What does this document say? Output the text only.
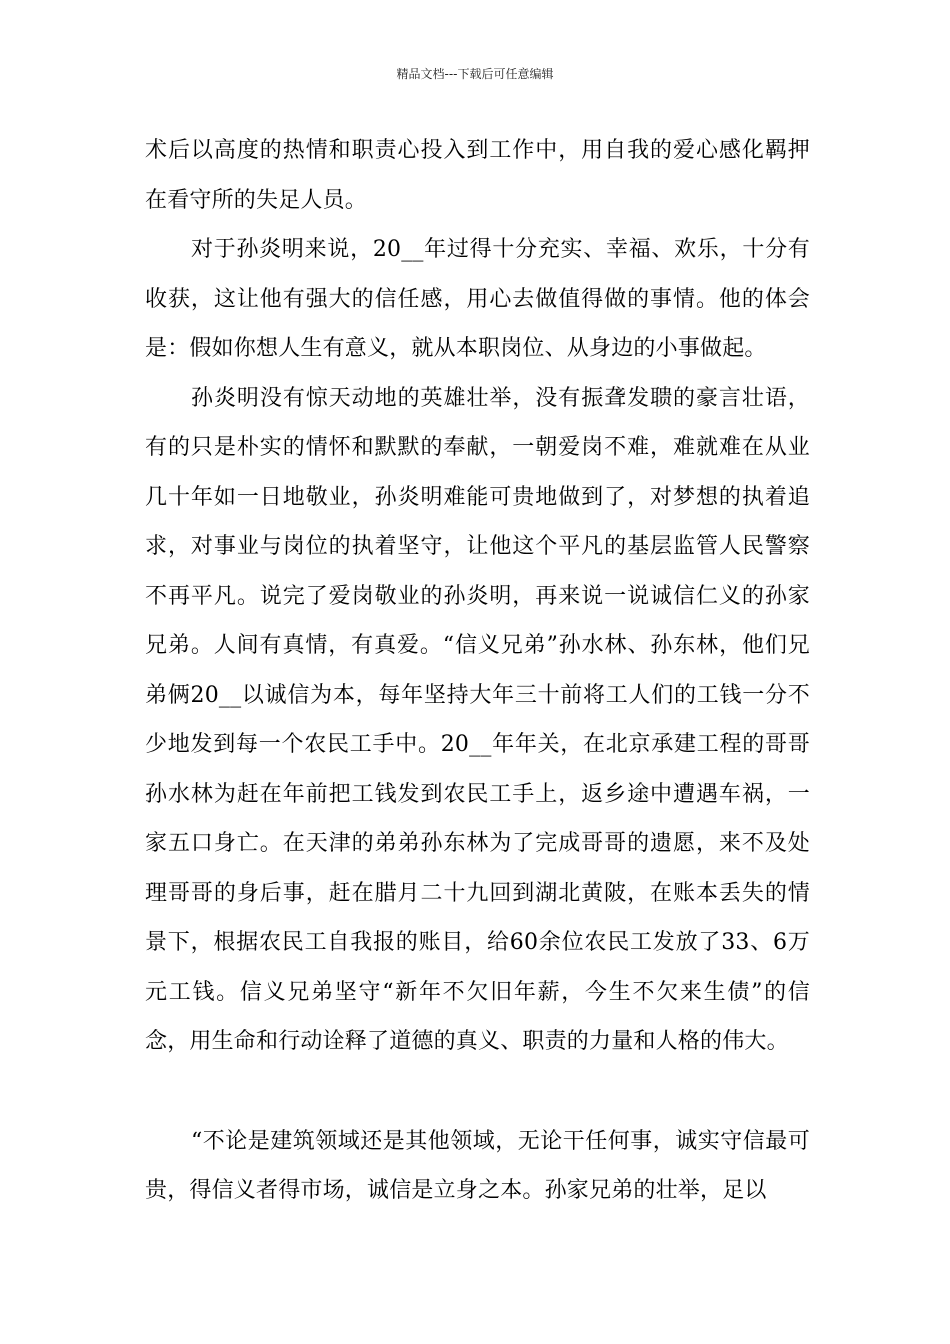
精品文档---下载后可任意编辑

术后以高度的热情和职责心投入到工作中，用自我的爱心感化羁押在看守所的失足人员。

对于孙炎明来说，20__年过得十分充实、幸福、欢乐，十分有收获，这让他有强大的信任感，用心去做值得做的事情。他的体会是：假如你想人生有意义，就从本职岗位、从身边的小事做起。

孙炎明没有惊天动地的英雄壮举，没有振聋发聩的豪言壮语，有的只是朴实的情怀和默默的奉献，一朝爱岗不难，难就难在从业几十年如一日地敬业，孙炎明难能可贵地做到了，对梦想的执着追求，对事业与岗位的执着坚守，让他这个平凡的基层监管人民警察不再平凡。说完了爱岗敬业的孙炎明，再来说一说诚信仁义的孙家兄弟。人间有真情，有真爱。“信义兄弟”孙水林、孙东林，他们兄弟俩20__以诚信为本，每年坚持大年三十前将工人们的工钱一分不少地发到每一个农民工手中。20__年年关，在北京承建工程的哥哥孙水林为赶在年前把工钱发到农民工手上，返乡途中遭遇车祸，一家五口身亡。在天津的弟弟孙东林为了完成哥哥的遗愿，来不及处理哥哥的身后事，赶在腊月二十九回到湖北黄陂，在账本丢失的情景下，根据农民工自我报的账目，给60余位农民工发放了33、6万元工钱。信义兄弟坚守“新年不欠旧年薪，今生不欠来生债”的信念，用生命和行动诠释了道德的真义、职责的力量和人格的伟大。

“不论是建筑领域还是其他领域，无论干任何事，诚实守信最可贵，得信义者得市场，诚信是立身之本。孙家兄弟的壮举，足以
